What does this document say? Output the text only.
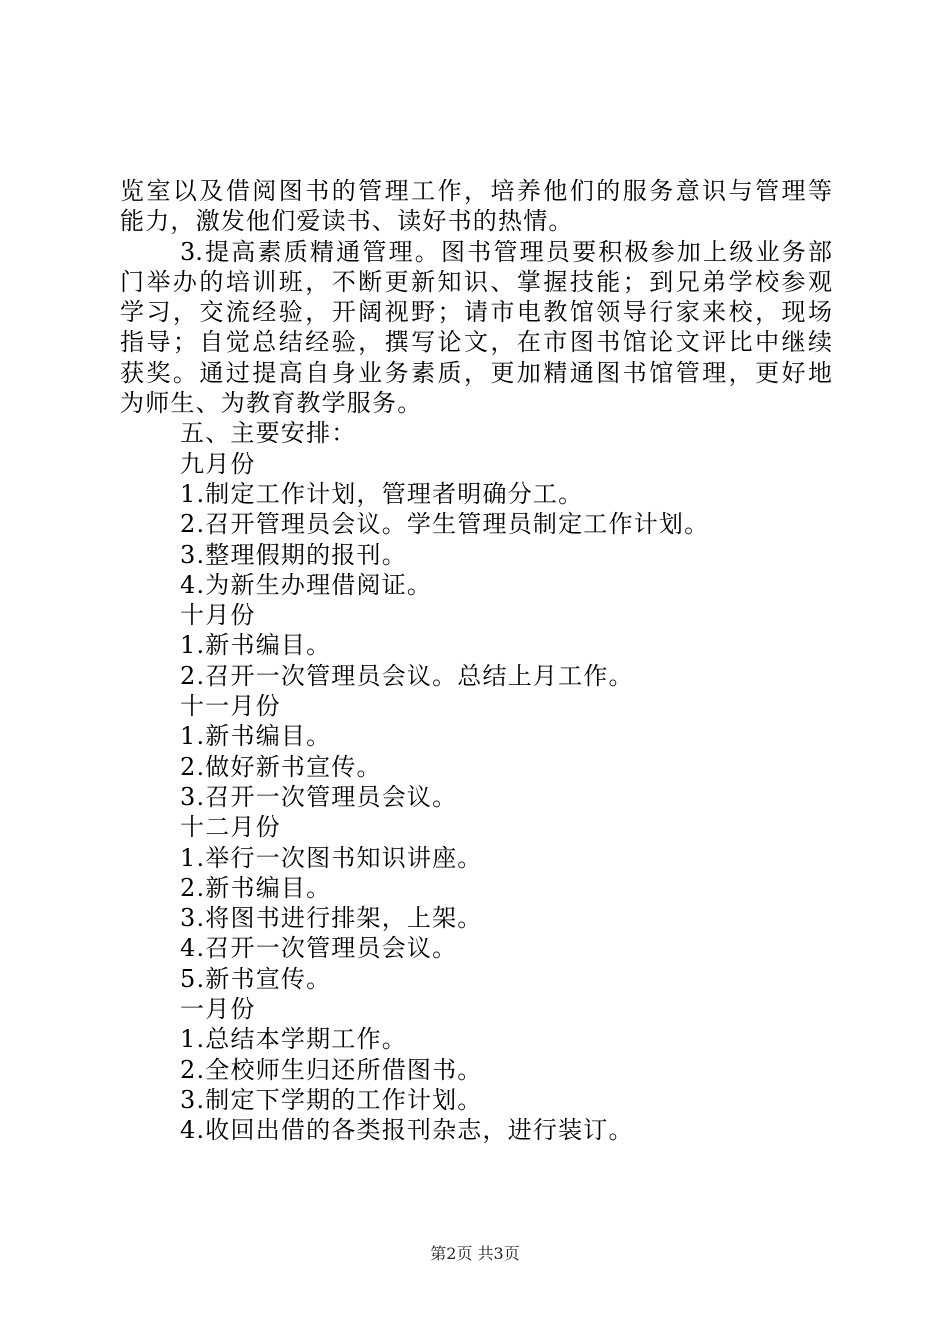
览室以及借阅图书的管理工作，培养他们的服务意识与管理等
能力，激发他们爱读书、读好书的热情。
3.提高素质精通管理。图书管理员要积极参加上级业务部
门举办的培训班，不断更新知识、掌握技能；到兄弟学校参观
学习，交流经验，开阔视野；请市电教馆领导行家来校，现场
指导；自觉总结经验，撰写论文，在市图书馆论文评比中继续
获奖。通过提高自身业务素质，更加精通图书馆管理，更好地
为师生、为教育教学服务。
五、主要安排：
九月份
1.制定工作计划，管理者明确分工。
2.召开管理员会议。学生管理员制定工作计划。
3.整理假期的报刊。
4.为新生办理借阅证。
十月份
1.新书编目。
2.召开一次管理员会议。总结上月工作。
十一月份
1.新书编目。
2.做好新书宣传。
3.召开一次管理员会议。
十二月份
1.举行一次图书知识讲座。
2.新书编目。
3.将图书进行排架，上架。
4.召开一次管理员会议。
5.新书宣传。
一月份
1.总结本学期工作。
2.全校师生归还所借图书。
3.制定下学期的工作计划。
4.收回出借的各类报刊杂志，进行装订。
第2页 共3页
